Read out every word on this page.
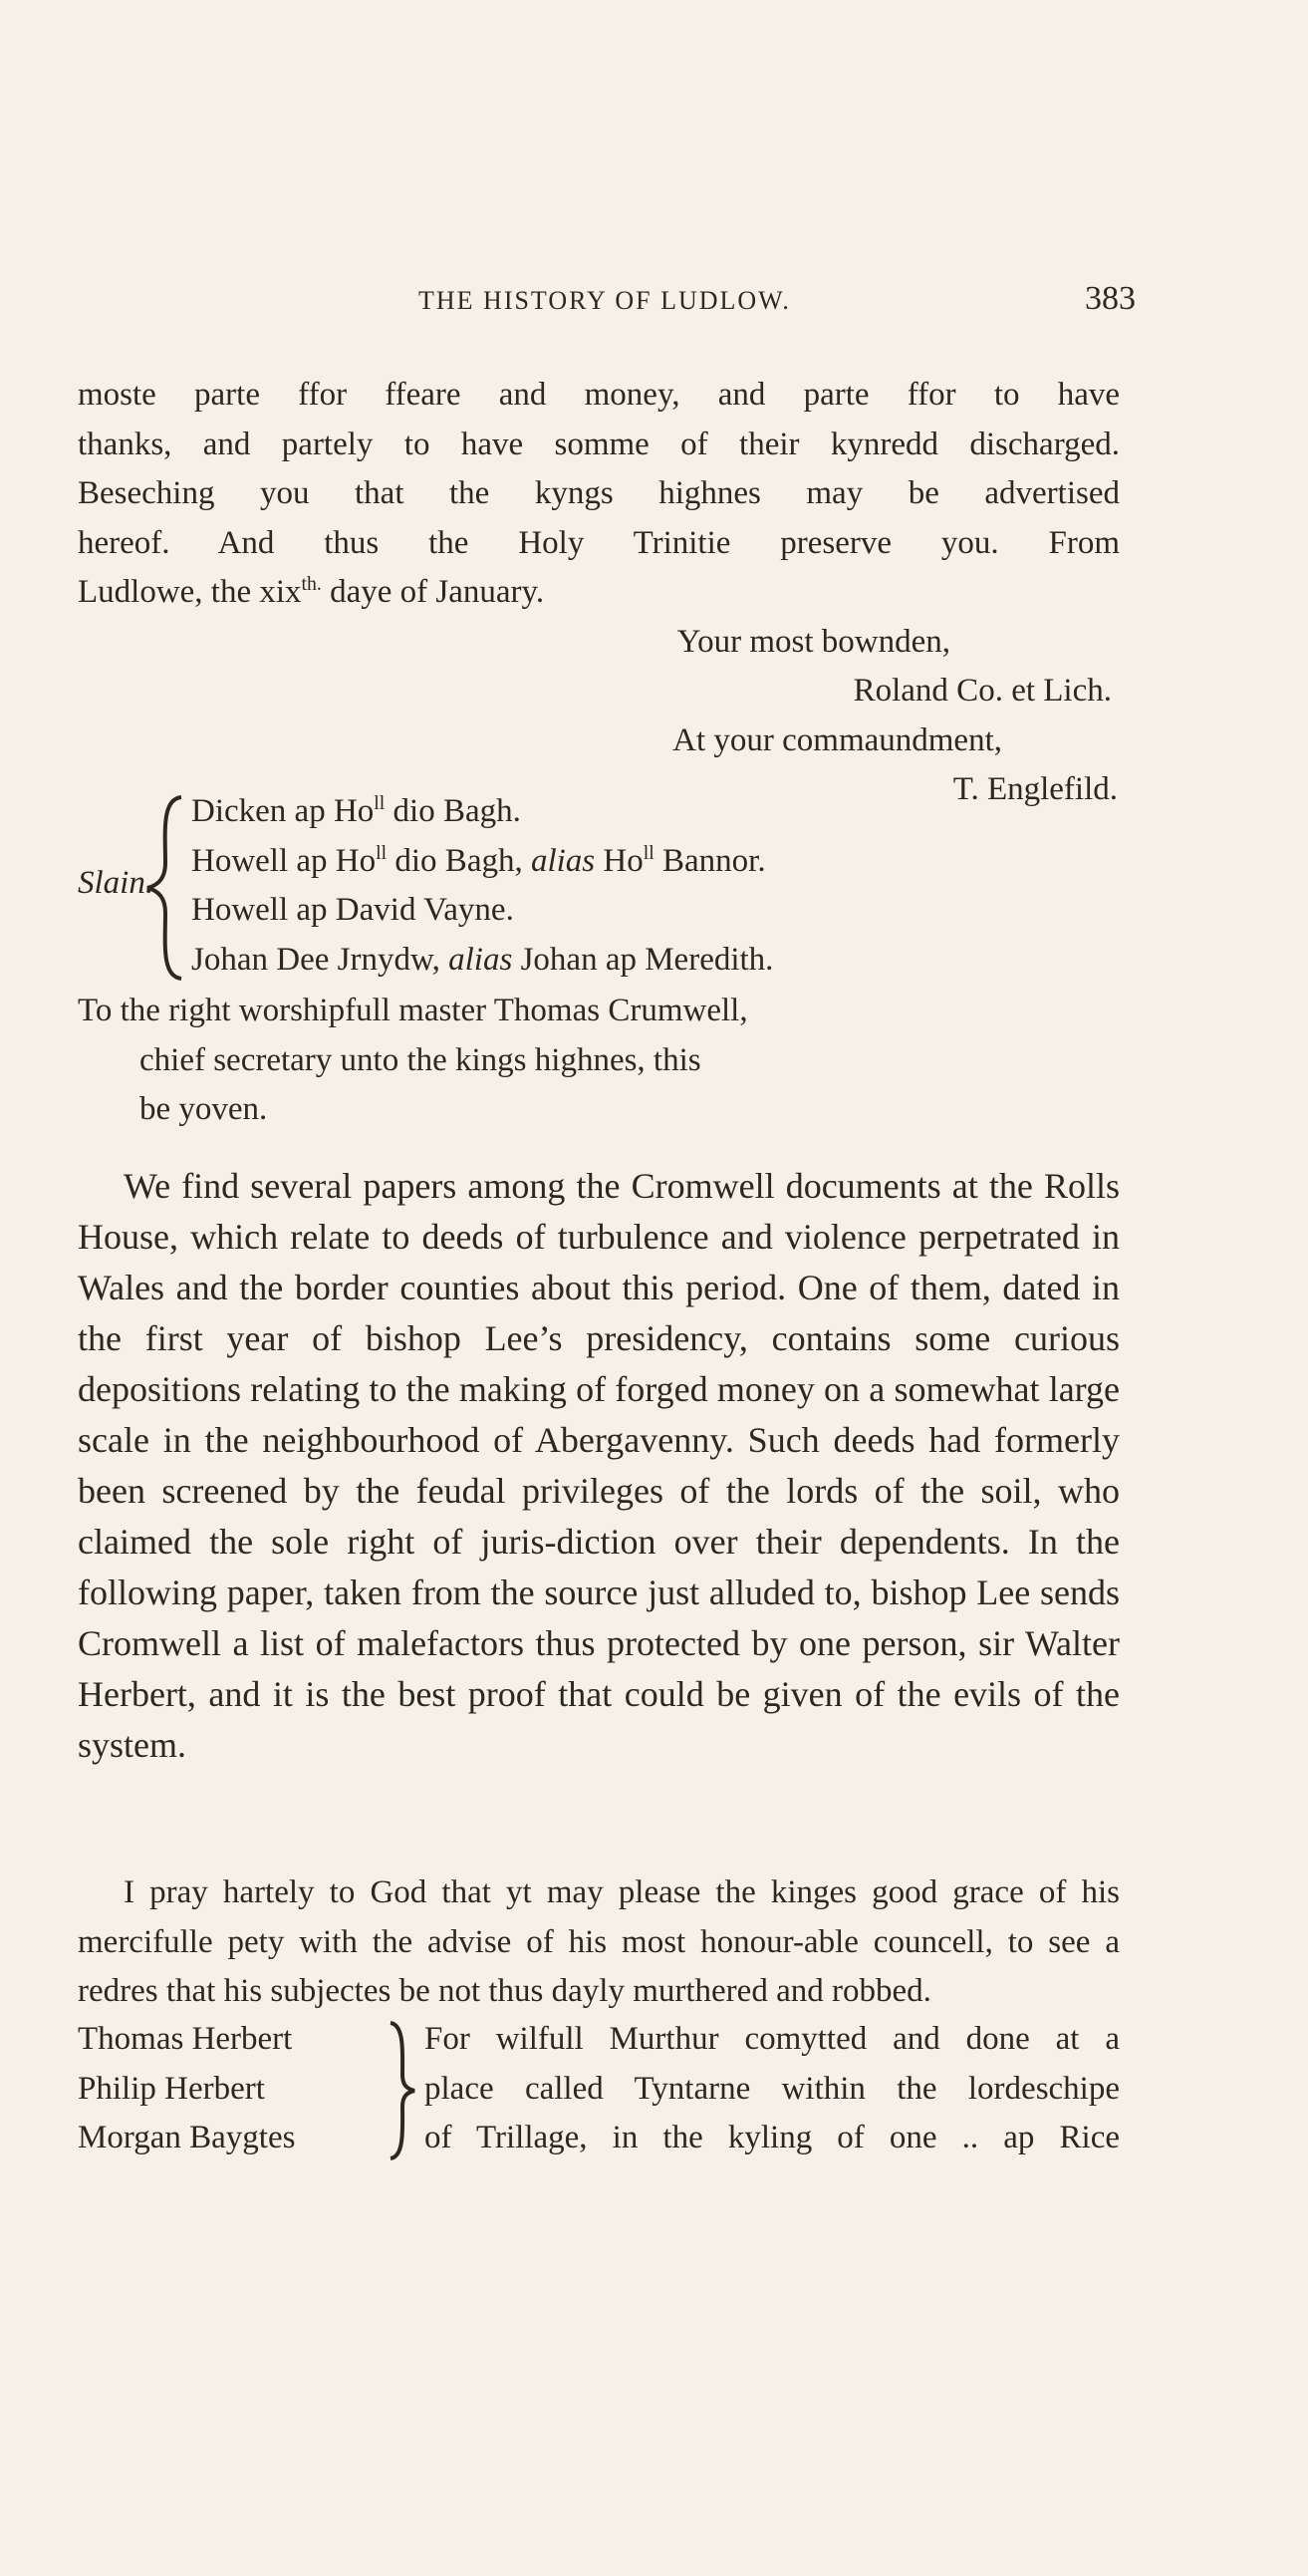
THE HISTORY OF LUDLOW.	383

moste parte ffor ffeare and money, and parte ffor to have

thanks, and partely to have somme of their kynredd discharged.

Beseching you that the kyngs highnes may be advertised

hereof. And thus the Holy Trinitie preserve you. From

Ludlowe, the xix$^{th.}$ daye of January.

Your most bownden,

Roland Co. et Lich.

At your commaundment,

T. Englefild.

Slain.
Dicken ap $Ho^{ll}$ dio Bagh.
Howell ap $Ho^{ll}$ dio Bagh, alias $Ho^{ll}$ Bannor.
Howell ap David Vayne.
Johan Dee Jrnydw, alias Johan ap Meredith.
To the right worshipfull master Thomas Crumwell,
chief secretary unto the kings highnes, this
be yoven.

We find several papers among the Cromwell documents at the Rolls House, which relate to deeds of turbulence and violence perpetrated in Wales and the border counties about this period. One of them, dated in the first year of bishop Lee’s presidency, contains some curious depositions relating to the making of forged money on a somewhat large scale in the neighbourhood of Abergavenny. Such deeds had formerly been screened by the feudal privileges of the lords of the soil, who claimed the sole right of juris-diction over their dependents. In the following paper, taken from the source just alluded to, bishop Lee sends Cromwell a list of malefactors thus protected by one person, sir Walter Herbert, and it is the best proof that could be given of the evils of the system.

I pray hartely to God that yt may please the kinges good grace of his mercifulle pety with the advise of his most honour-able councell, to see a redres that his subjectes be not thus dayly murthered and robbed.

Thomas Herbert
Philip Herbert
Morgan Baygtes
For wilfull Murthur comytted and done at a
place called Tyntarne within the lordeschipe
of Trillage, in the kyling of one .. ap Rice
